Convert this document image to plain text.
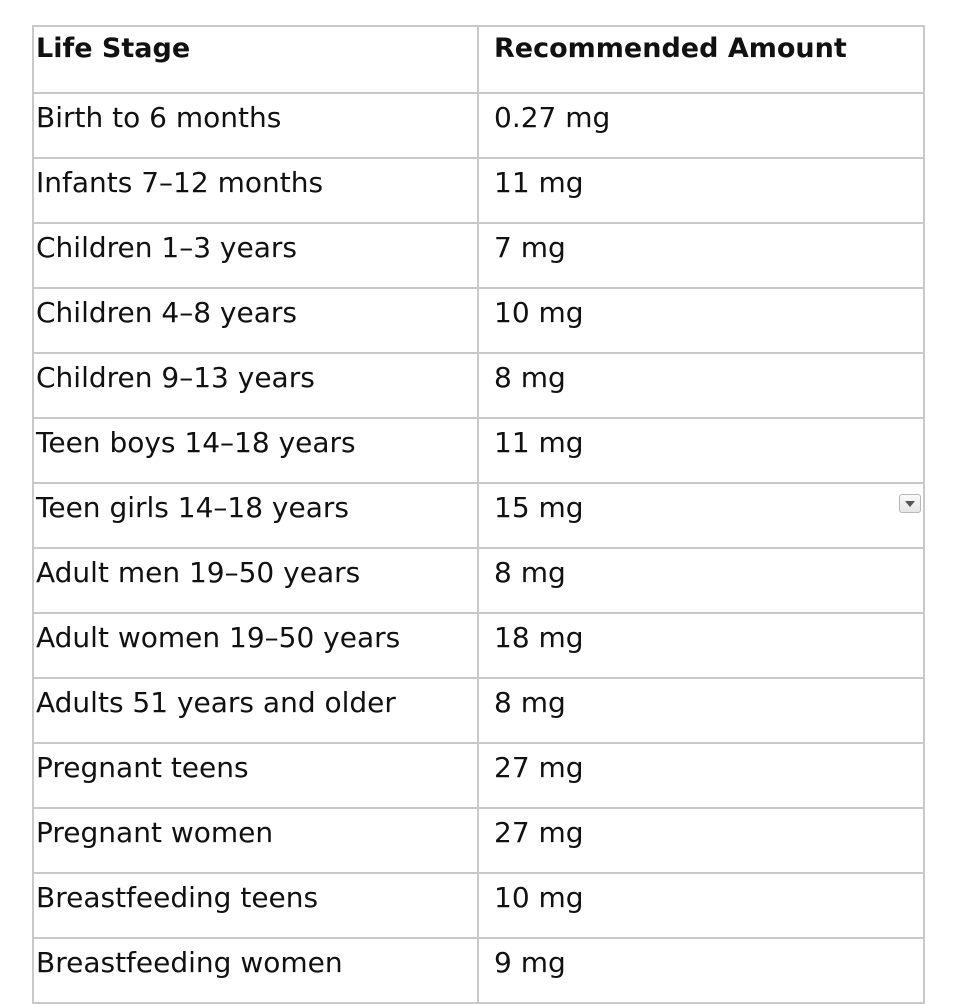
Life Stage	Recommended Amount
Birth to 6 months	0.27 mg
Infants 7–12 months	11 mg
Children 1–3 years	7 mg
Children 4–8 years	10 mg
Children 9–13 years	8 mg
Teen boys 14–18 years	11 mg
Teen girls 14–18 years	15 mg

Adult men 19–50 years	8 mg
Adult women 19–50 years	18 mg
Adults 51 years and older	8 mg
Pregnant teens	27 mg
Pregnant women	27 mg
Breastfeeding teens	10 mg
Breastfeeding women	9 mg
